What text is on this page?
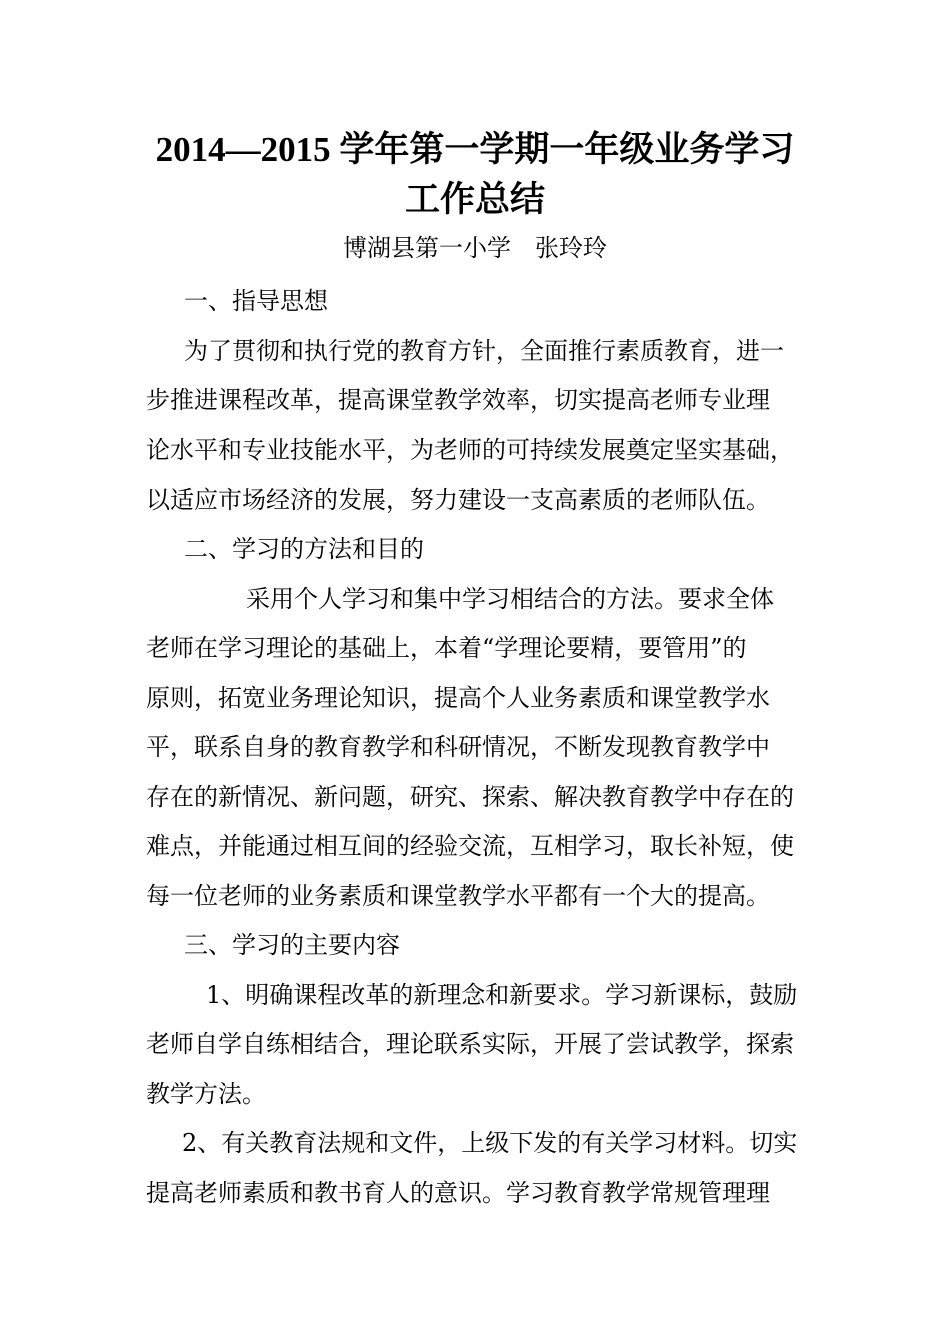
2014—2015 学年第一学期一年级业务学习
工作总结
博湖县第一小学　张玲玲
一、指导思想
为了贯彻和执行党的教育方针，全面推行素质教育，进一
步推进课程改革，提高课堂教学效率，切实提高老师专业理
论水平和专业技能水平，为老师的可持续发展奠定坚实基础，
以适应市场经济的发展，努力建设一支高素质的老师队伍。
二、学习的方法和目的
采用个人学习和集中学习相结合的方法。要求全体
老师在学习理论的基础上，本着“学理论要精，要管用”的
原则，拓宽业务理论知识，提高个人业务素质和课堂教学水
平，联系自身的教育教学和科研情况，不断发现教育教学中
存在的新情况、新问题，研究、探索、解决教育教学中存在的
难点，并能通过相互间的经验交流，互相学习，取长补短，使
每一位老师的业务素质和课堂教学水平都有一个大的提高。
三、学习的主要内容
1、明确课程改革的新理念和新要求。学习新课标，鼓励
老师自学自练相结合，理论联系实际，开展了尝试教学，探索
教学方法。
2、有关教育法规和文件，上级下发的有关学习材料。切实
提高老师素质和教书育人的意识。学习教育教学常规管理理
